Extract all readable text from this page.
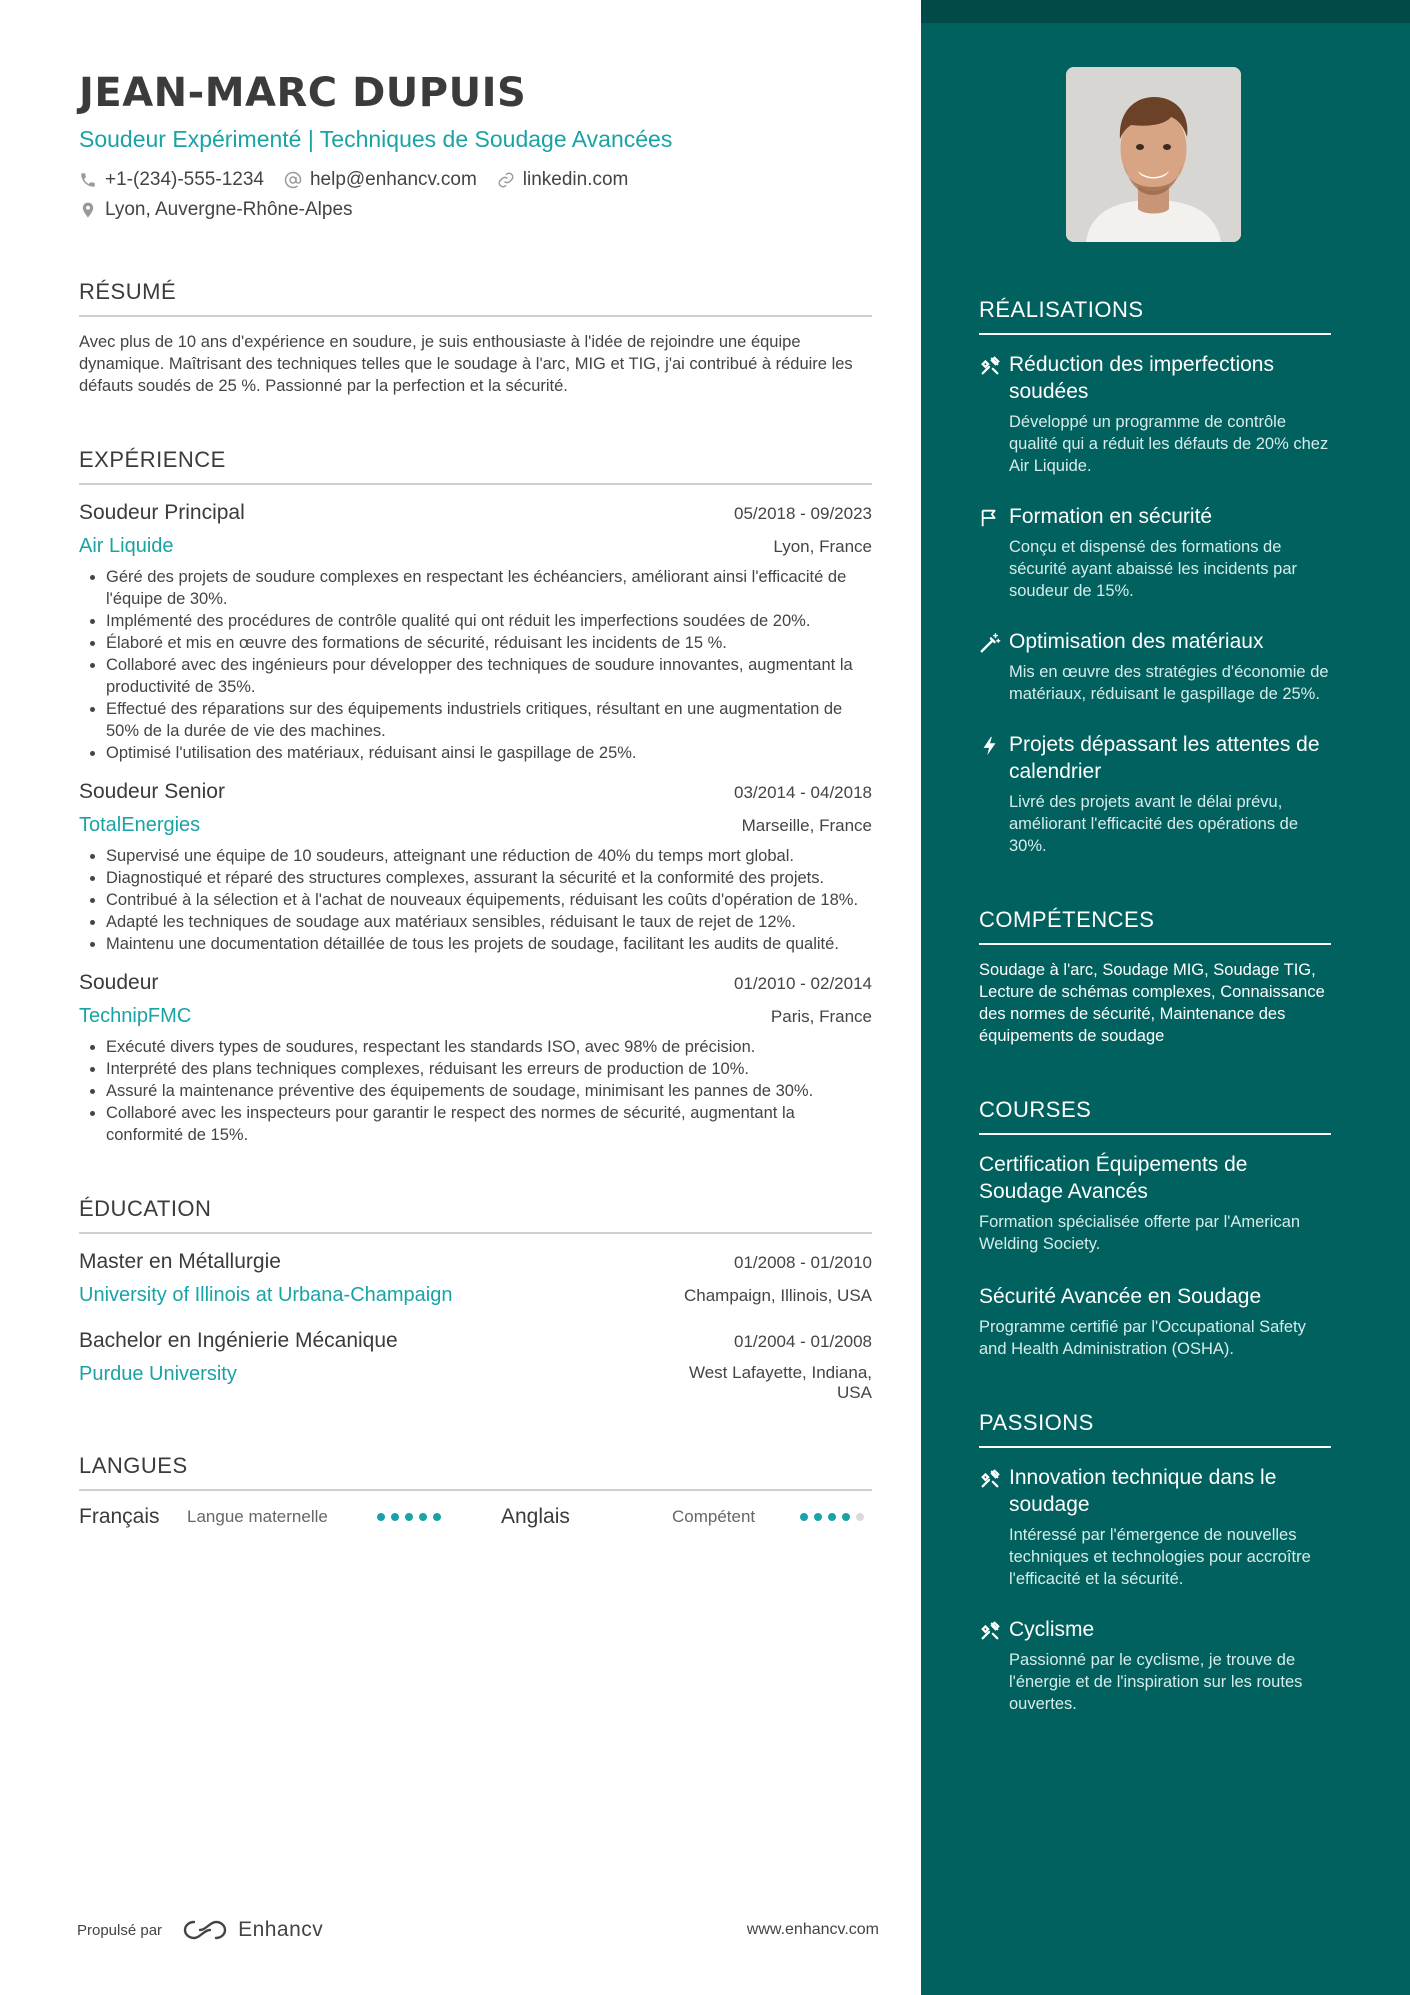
JEAN-MARC DUPUIS
Soudeur Expérimenté | Techniques de Soudage Avancées
+1-(234)-555-1234 help@enhancv.com linkedin.com
Lyon, Auvergne-Rhône-Alpes
RÉSUMÉ
Avec plus de 10 ans d'expérience en soudure, je suis enthousiaste à l'idée de rejoindre une équipe dynamique. Maîtrisant des techniques telles que le soudage à l'arc, MIG et TIG, j'ai contribué à réduire les défauts soudés de 25 %. Passionné par la perfection et la sécurité.
EXPÉRIENCE
Soudeur Principal	05/2018 - 09/2023
Air Liquide	Lyon, France
• Géré des projets de soudure complexes en respectant les échéanciers, améliorant ainsi l'efficacité de l'équipe de 30%.
• Implémenté des procédures de contrôle qualité qui ont réduit les imperfections soudées de 20%.
• Élaboré et mis en œuvre des formations de sécurité, réduisant les incidents de 15 %.
• Collaboré avec des ingénieurs pour développer des techniques de soudure innovantes, augmentant la productivité de 35%.
• Effectué des réparations sur des équipements industriels critiques, résultant en une augmentation de 50% de la durée de vie des machines.
• Optimisé l'utilisation des matériaux, réduisant ainsi le gaspillage de 25%.
Soudeur Senior	03/2014 - 04/2018
TotalEnergies	Marseille, France
• Supervisé une équipe de 10 soudeurs, atteignant une réduction de 40% du temps mort global.
• Diagnostiqué et réparé des structures complexes, assurant la sécurité et la conformité des projets.
• Contribué à la sélection et à l'achat de nouveaux équipements, réduisant les coûts d'opération de 18%.
• Adapté les techniques de soudage aux matériaux sensibles, réduisant le taux de rejet de 12%.
• Maintenu une documentation détaillée de tous les projets de soudage, facilitant les audits de qualité.
Soudeur	01/2010 - 02/2014
TechnipFMC	Paris, France
• Exécuté divers types de soudures, respectant les standards ISO, avec 98% de précision.
• Interprété des plans techniques complexes, réduisant les erreurs de production de 10%.
• Assuré la maintenance préventive des équipements de soudage, minimisant les pannes de 30%.
• Collaboré avec les inspecteurs pour garantir le respect des normes de sécurité, augmentant la conformité de 15%.
ÉDUCATION
Master en Métallurgie	01/2008 - 01/2010
University of Illinois at Urbana-Champaign	Champaign, Illinois, USA
Bachelor en Ingénierie Mécanique	01/2004 - 01/2008
Purdue University	West Lafayette, Indiana,
USA
LANGUES
Français	Langue maternelle	Anglais	Compétent
Propulsé par	Enhancv	www.enhancv.com
RÉALISATIONS
Réduction des imperfections soudées
Développé un programme de contrôle qualité qui a réduit les défauts de 20% chez Air Liquide.
Formation en sécurité
Conçu et dispensé des formations de sécurité ayant abaissé les incidents par soudeur de 15%.
Optimisation des matériaux
Mis en œuvre des stratégies d'économie de matériaux, réduisant le gaspillage de 25%.
Projets dépassant les attentes de calendrier
Livré des projets avant le délai prévu, améliorant l'efficacité des opérations de 30%.
COMPÉTENCES
Soudage à l'arc, Soudage MIG, Soudage TIG, Lecture de schémas complexes, Connaissance des normes de sécurité, Maintenance des équipements de soudage
COURSES
Certification Équipements de Soudage Avancés
Formation spécialisée offerte par l'American Welding Society.
Sécurité Avancée en Soudage
Programme certifié par l'Occupational Safety and Health Administration (OSHA).
PASSIONS
Innovation technique dans le soudage
Intéressé par l'émergence de nouvelles techniques et technologies pour accroître l'efficacité et la sécurité.
Cyclisme
Passionné par le cyclisme, je trouve de l'énergie et de l'inspiration sur les routes ouvertes.
